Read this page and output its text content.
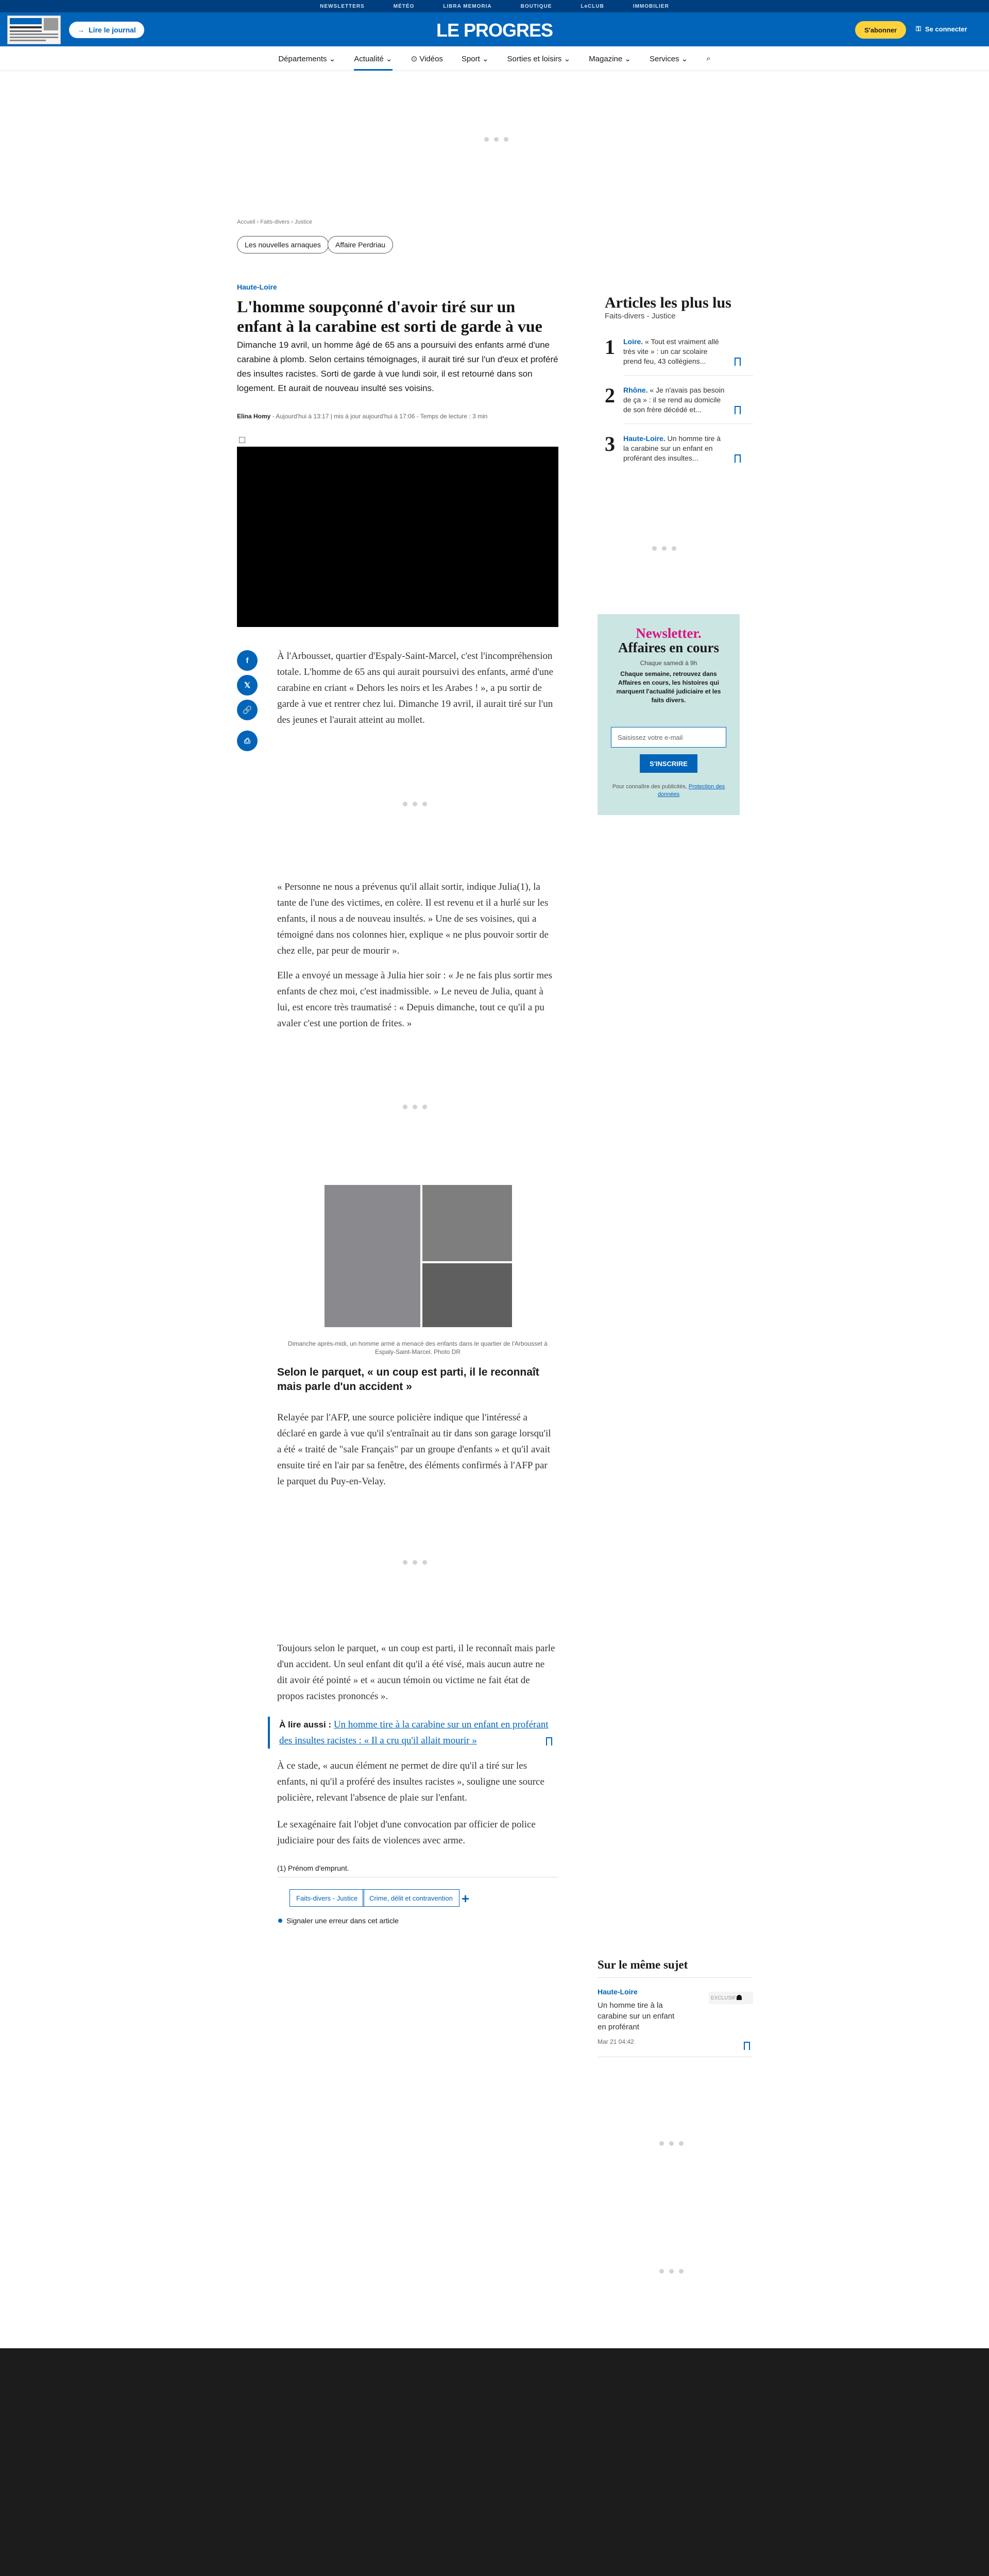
NEWSLETTERS	MÉTÉO	LIBRA MEMORIA	BOUTIQUE	LeCLUB	IMMOBILIER
→ Lire le journal	LE PROGRES	S'abonner	⚿ Se connecter
Départements ⌄ Actualité ⌄ ⊙ Vidéos Sport ⌄ Sorties et loisirs ⌄ Magazine ⌄ Services ⌄ ⌕
Accueil › Faits-divers › Justice
Les nouvelles arnaques	Affaire Perdriau
Haute-Loire
L'homme soupçonné d'avoir tiré sur un enfant à la carabine est sorti de garde à vue

Dimanche 19 avril, un homme âgé de 65 ans a poursuivi des enfants armé d'une carabine à plomb. Selon certains témoignages, il aurait tiré sur l'un d'eux et proféré des insultes racistes. Sorti de garde à vue lundi soir, il est retourné dans son logement. Et aurait de nouveau insulté ses voisins.

Elina Homy - Aujourd'hui à 13:17 | mis à jour aujourd'hui à 17:06 - Temps de lecture : 3 min
f
𝕏
🔗
⎙

À l'Arbousset, quartier d'Espaly-Saint-Marcel, c'est l'incompréhension totale. L'homme de 65 ans qui aurait poursuivi des enfants, armé d'une carabine en criant « Dehors les noirs et les Arabes ! », a pu sortir de garde à vue et rentrer chez lui. Dimanche 19 avril, il aurait tiré sur l'un des jeunes et l'aurait atteint au mollet.

« Personne ne nous a prévenus qu'il allait sortir, indique Julia(1), la tante de l'une des victimes, en colère. Il est revenu et il a hurlé sur les enfants, il nous a de nouveau insultés. » Une de ses voisines, qui a témoigné dans nos colonnes hier, explique « ne plus pouvoir sortir de chez elle, par peur de mourir ».

Elle a envoyé un message à Julia hier soir : « Je ne fais plus sortir mes enfants de chez moi, c'est inadmissible. » Le neveu de Julia, quant à lui, est encore très traumatisé : « Depuis dimanche, tout ce qu'il a pu avaler c'est une portion de frites. »

Dimanche après-midi, un homme armé a menacé des enfants dans le quartier de l'Arbousset à Espaly-Saint-Marcel. Photo DR

Selon le parquet, « un coup est parti, il le reconnaît mais parle d'un accident »

Relayée par l'AFP, une source policière indique que l'intéressé a déclaré en garde à vue qu'il s'entraînait au tir dans son garage lorsqu'il a été « traité de "sale Français" par un groupe d'enfants » et qu'il avait ensuite tiré en l'air par sa fenêtre, des éléments confirmés à l'AFP par le parquet du Puy-en-Velay.

Toujours selon le parquet, « un coup est parti, il le reconnaît mais parle d'un accident. Un seul enfant dit qu'il a été visé, mais aucun autre ne dit avoir été pointé » et « aucun témoin ou victime ne fait état de propos racistes prononcés ».

À lire aussi : Un homme tire à la carabine sur un enfant en proférant des insultes racistes : « Il a cru qu'il allait mourir »

À ce stade, « aucun élément ne permet de dire qu'il a tiré sur les enfants, ni qu'il a proféré des insultes racistes », souligne une source policière, relevant l'absence de plaie sur l'enfant.

Le sexagénaire fait l'objet d'une convocation par officier de police judiciaire pour des faits de violences avec arme.

(1) Prénom d'emprunt.
Faits-divers - Justice	Crime, délit et contravention +
Signaler une erreur dans cet article
Articles les plus lus
Faits-divers - Justice
1 Loire. « Tout est vraiment allé très vite » : un car scolaire prend feu, 43 collégiens...
2 Rhône. « Je n'avais pas besoin de ça » : il se rend au domicile de son frère décédé et...
3 Haute-Loire. Un homme tire à la carabine sur un enfant en proférant des insultes...
Newsletter.
Affaires en cours
Chaque samedi à 9h
Chaque semaine, retrouvez dans Affaires en cours, les histoires qui marquent l'actualité judiciaire et les faits divers.
Saisissez votre e-mail
S'INSCRIRE
Pour connaître des publicités, Protection des données
Sur le même sujet
Haute-Loire
Un homme tire à la carabine sur un enfant en proférant
EXCLUSIF
Mar 21 04:42
